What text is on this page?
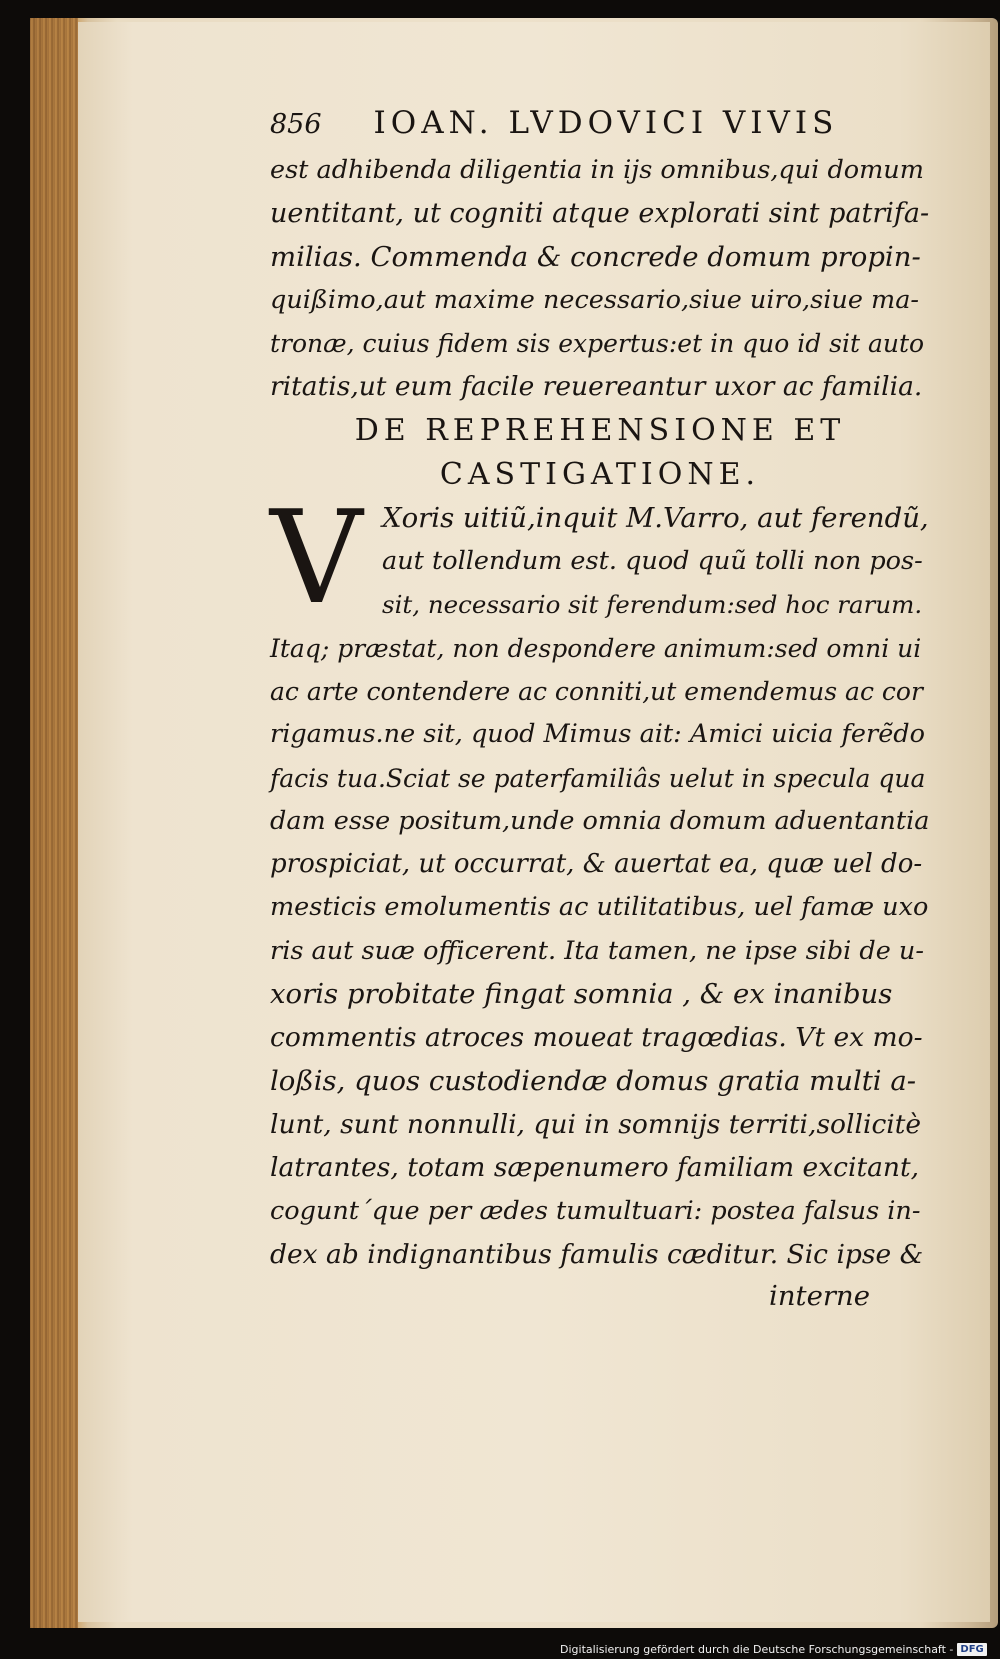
856 IOAN. LVDOVICI VIVIS
est adhibenda diligentia in ijs omnibus,qui domum
uentitant, ut cogniti atque explorati sint patrifa-
milias. Commenda & concrede domum propin-
quißimo,aut maxime necessario,siue uiro,siue ma-
tronæ, cuius fidem sis expertus:et in quo id sit auto
ritatis,ut eum facile reuereantur uxor ac familia.
DE REPREHENSIONE ET
CASTIGATIONE.
V Xoris uitiũ,inquit M.Varro, aut ferendũ,
aut tollendum est. quod quũ tolli non pos-
sit, necessario sit ferendum:sed hoc rarum.
Itaq; præstat, non despondere animum:sed omni ui
ac arte contendere ac conniti,ut emendemus ac cor
rigamus.ne sit, quod Mimus ait: Amici uicia ferẽdo
facis tua.Sciat se paterfamiliâs uelut in specula qua
dam esse positum,unde omnia domum aduentantia
prospiciat, ut occurrat, & auertat ea, quæ uel do-
mesticis emolumentis ac utilitatibus, uel famæ uxo
ris aut suæ officerent. Ita tamen, ne ipse sibi de u-
xoris probitate fingat somnia , & ex inanibus
commentis atroces moueat tragœdias. Vt ex mo-
loßis, quos custodiendæ domus gratia multi a-
lunt, sunt nonnulli, qui in somnijs territi,sollicitè
latrantes, totam sæpenumero familiam excitant,
cogunt´que per ædes tumultuari: postea falsus in-
dex ab indignantibus famulis cæditur. Sic ipse &
interne
Digitalisierung gefördert durch die Deutsche Forschungsgemeinschaft - DFG
